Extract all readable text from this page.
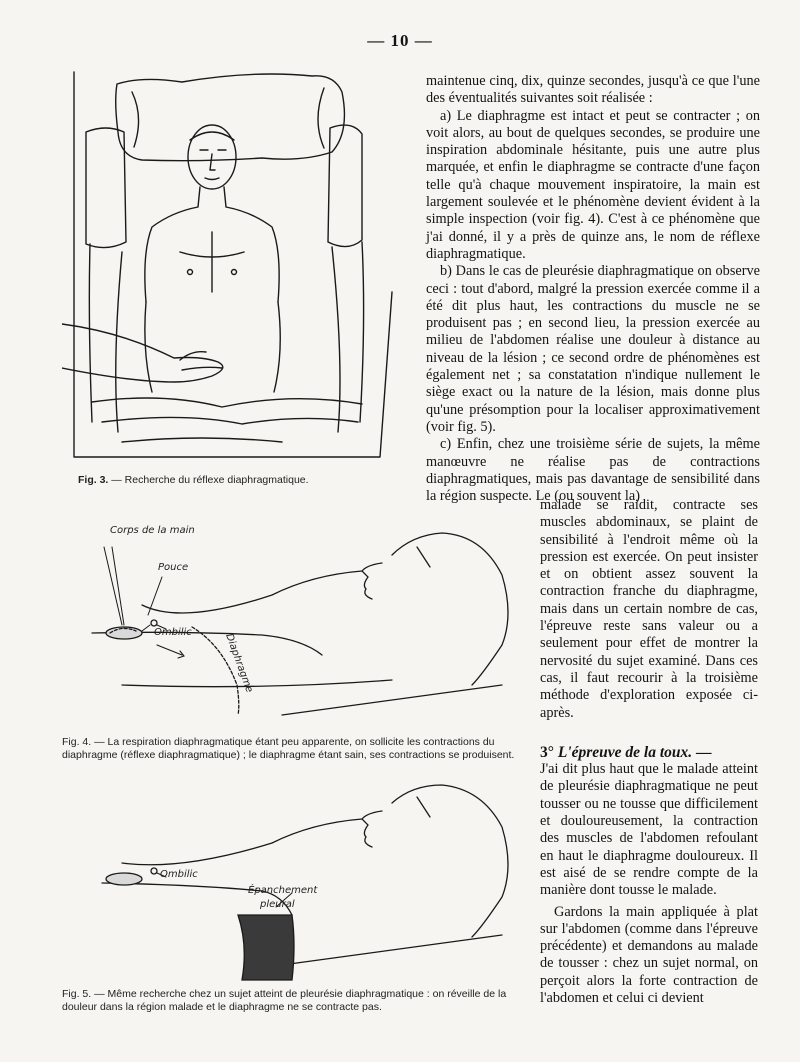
— 10 —
Fig. 3. — Recherche du réflexe diaphragmatique.
Corps de la main
Pouce
Ombilic	Diaphragme
Fig. 4. — La respiration diaphragmatique étant peu apparente, on sollicite les contractions du diaphragme (réflexe diaphragmatique) ; le diaphragme étant sain, ses contractions se produisent.
Ombilic
Épanchement
pleural
Fig. 5. — Même recherche chez un sujet atteint de pleurésie diaphragmatique : on réveille de la douleur dans la région malade et le diaphragme ne se contracte pas.

maintenue cinq, dix, quinze secondes, jusqu'à ce que l'une des éventualités suivantes soit réalisée :

a) Le diaphragme est intact et peut se contracter ; on voit alors, au bout de quelques secondes, se produire une inspiration abdominale hésitante, puis une autre plus marquée, et enfin le diaphragme se contracte d'une façon telle qu'à chaque mouvement inspiratoire, la main est largement soulevée et le phénomène devient évident à la simple inspection (voir fig. 4). C'est à ce phénomène que j'ai donné, il y a près de quinze ans, le nom de réflexe diaphragmatique.

b) Dans le cas de pleurésie diaphragmatique on observe ceci : tout d'abord, malgré la pression exercée comme il a été dit plus haut, les contractions du muscle ne se produisent pas ; en second lieu, la pression exercée au milieu de l'abdomen réalise une douleur à distance au niveau de la lésion ; ce second ordre de phénomènes est également net ; sa constatation n'indique nullement le siège exact ou la nature de la lésion, mais donne plus qu'une présomption pour la localiser approximativement (voir fig. 5).

c) Enfin, chez une troisième série de sujets, la même manœuvre ne réalise pas de contractions diaphragmatiques, mais pas davantage de sensibilité dans la région suspecte. Le (ou souvent la)

malade se raidit, contracte ses muscles abdominaux, se plaint de sensibilité à l'endroit même où la pression est exercée. On peut insister et on obtient assez souvent la contraction franche du diaphragme, mais dans un certain nombre de cas, l'épreuve reste sans valeur ou a seulement pour effet de montrer la nervosité du sujet examiné. Dans ces cas, il faut recourir à la troisième méthode d'exploration exposée ci-après.

3° L'épreuve de la toux. —

J'ai dit plus haut que le malade atteint de pleurésie diaphragmatique ne peut tousser ou ne tousse que difficilement et douloureusement, la contraction des muscles de l'abdomen refoulant en haut le diaphragme douloureux. Il est aisé de se rendre compte de la manière dont tousse le malade.

Gardons la main appliquée à plat sur l'abdomen (comme dans l'épreuve précédente) et demandons au malade de tousser : chez un sujet normal, on perçoit alors la forte contraction de l'abdomen et celui ci devient
